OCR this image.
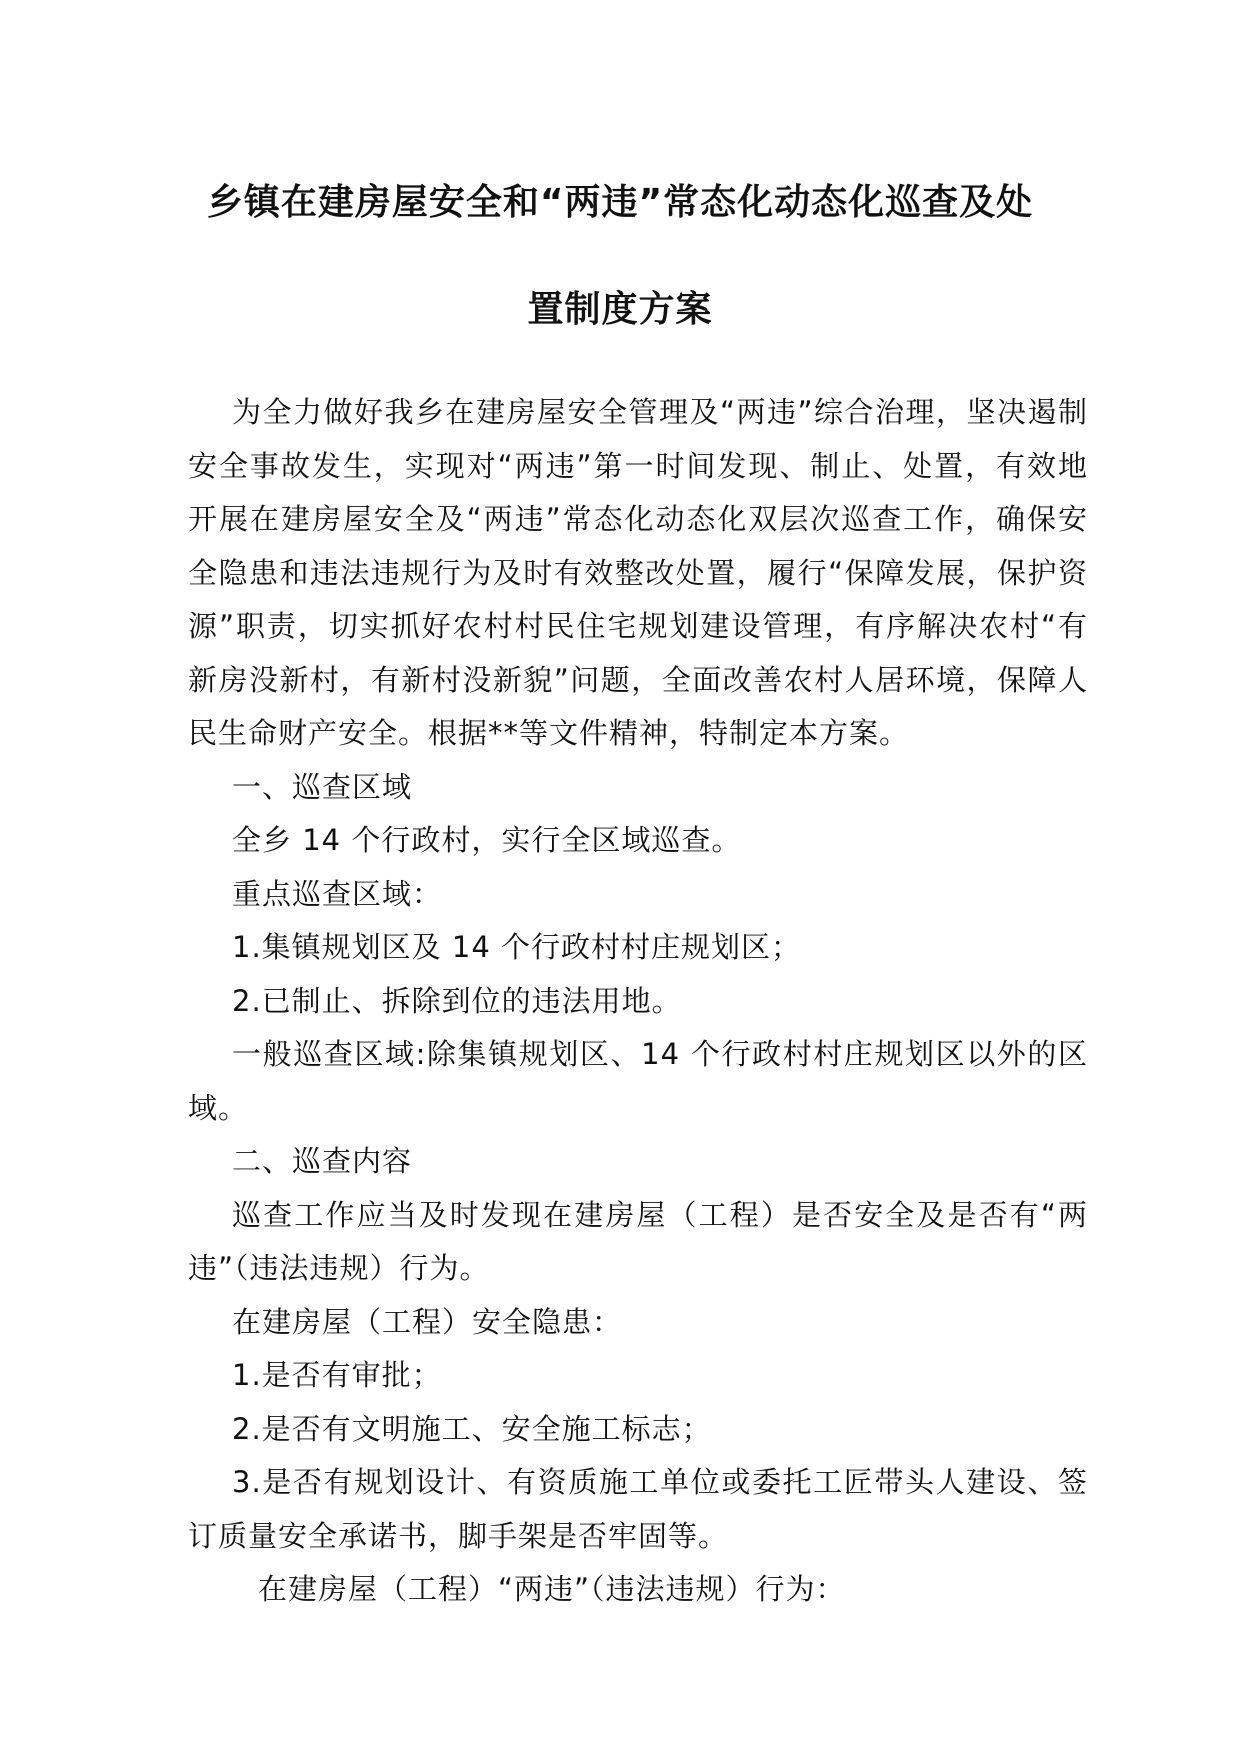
乡镇在建房屋安全和“两违”常态化动态化巡查及处
置制度方案

为全力做好我乡在建房屋安全管理及“两违”综合治理，坚决遏制安全事故发生，实现对“两违”第一时间发现、制止、处置，有效地开展在建房屋安全及“两违”常态化动态化双层次巡查工作，确保安全隐患和违法违规行为及时有效整改处置，履行“保障发展，保护资源”职责，切实抓好农村村民住宅规划建设管理，有序解决农村“有新房没新村，有新村没新貌”问题，全面改善农村人居环境，保障人民生命财产安全。根据**等文件精神，特制定本方案。

一、巡查区域

全乡 14 个行政村，实行全区域巡查。

重点巡查区域：

1.集镇规划区及 14 个行政村村庄规划区；

2.已制止、拆除到位的违法用地。

一般巡查区域:除集镇规划区、14 个行政村村庄规划区以外的区域。

二、巡查内容

巡查工作应当及时发现在建房屋（工程）是否安全及是否有“两违”（违法违规）行为。

在建房屋（工程）安全隐患：

1.是否有审批；

2.是否有文明施工、安全施工标志；

3.是否有规划设计、有资质施工单位或委托工匠带头人建设、签订质量安全承诺书，脚手架是否牢固等。

在建房屋（工程）“两违”（违法违规）行为：
